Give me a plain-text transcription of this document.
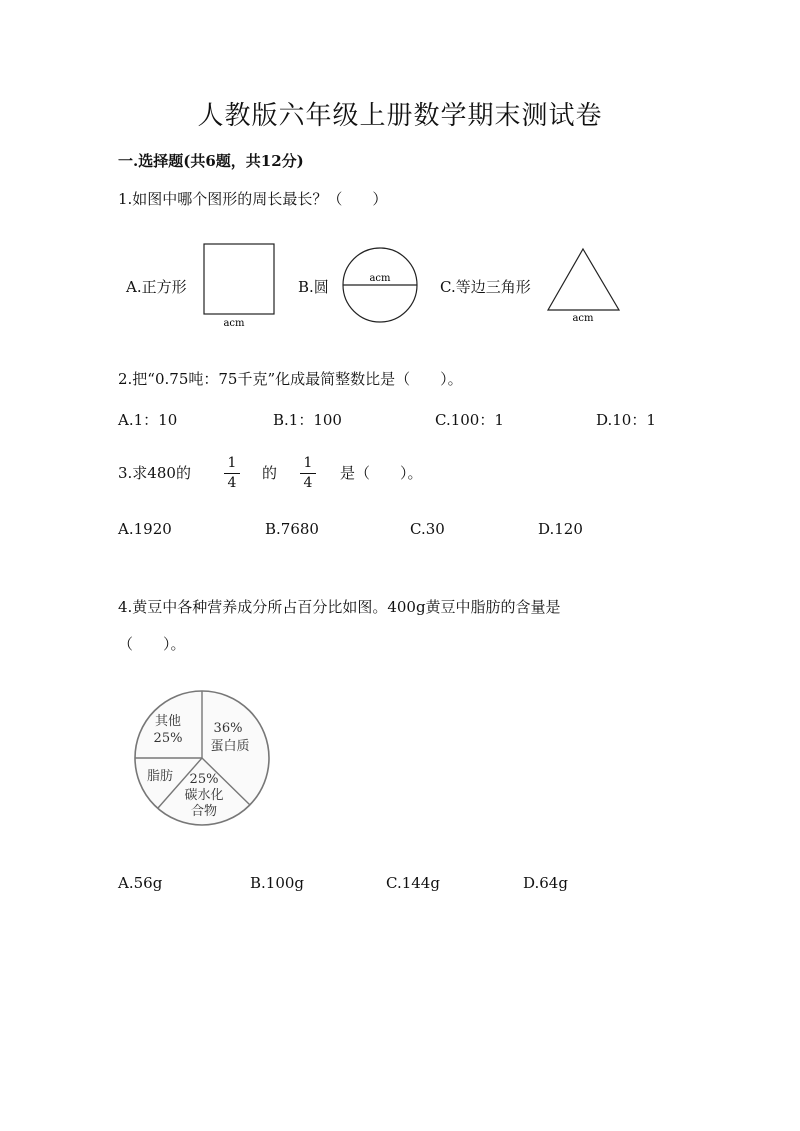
人教版六年级上册数学期末测试卷
一.选择题(共6题，共12分)
1.如图中哪个图形的周长最长？（　　）
A.正方形
acm
B.圆	acm	C.等边三角形
acm
2.把“0.75吨：75千克”化成最简整数比是（　　）。
A.1：10	B.1：100	C.100：1	D.10：1
3.求480的
1
4
的
1
4
是（　　）。
A.1920	B.7680	C.30	D.120
4.黄豆中各种营养成分所占百分比如图。400g黄豆中脂肪的含量是
（　　）。
其他
25%
36%
蛋白质
脂肪 25%
碳水化
合物
A.56g	B.100g	C.144g	D.64g
